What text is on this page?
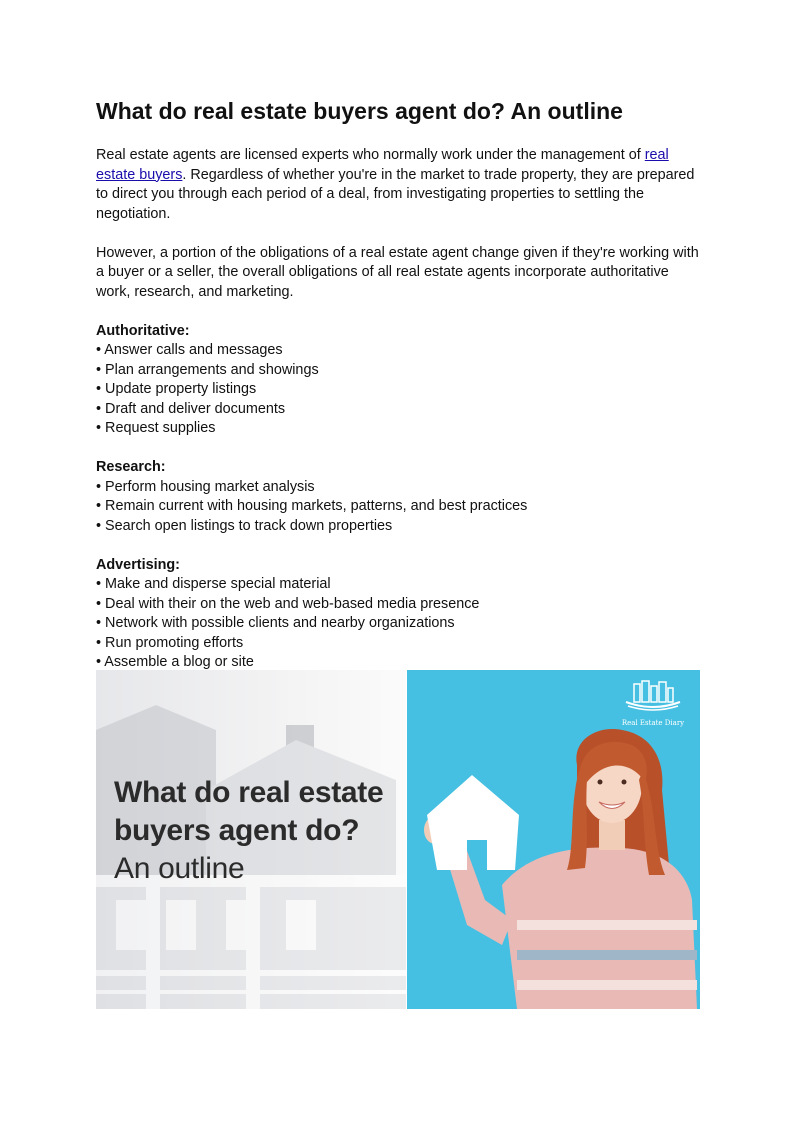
What do real estate buyers agent do? An outline

Real estate agents are licensed experts who normally work under the management of real estate buyers. Regardless of whether you're in the market to trade property, they are prepared to direct you through each period of a deal, from investigating properties to settling the negotiation.

However, a portion of the obligations of a real estate agent change given if they're working with a buyer or a seller, the overall obligations of all real estate agents incorporate authoritative work, research, and marketing.

Authoritative:
• Answer calls and messages
• Plan arrangements and showings
• Update property listings
• Draft and deliver documents
• Request supplies
Research:
• Perform housing market analysis
• Remain current with housing markets, patterns, and best practices
• Search open listings to track down properties
Advertising:
• Make and disperse special material
• Deal with their on the web and web-based media presence
• Network with possible clients and nearby organizations
• Run promoting efforts
• Assemble a blog or site
What do real estate
buyers agent do?
An outline
Real Estate Diary
